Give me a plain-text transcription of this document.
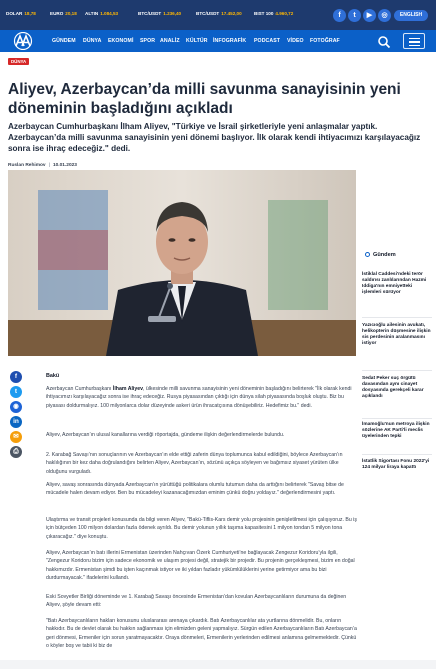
DOLAR 18,78	EURO 20,18 ALTIN 1.084,53	BTC/USDT 1.236,40	BTC/USDT 17.452,00	BIST 100 4.960,72	f	t	▶	◎	ENGLISH
GÜNDEM DÜNYA EKONOMİ SPOR ANALİZ KÜLTÜR İNFOGRAFİK PODCAST VİDEO FOTOĞRAF
DÜNYA
Aliyev, Azerbaycan’da milli savunma sanayisinin yeni döneminin başladığını açıkladı

Azerbaycan Cumhurbaşkanı İlham Aliyev, "Türkiye ve İsrail şirketleriyle yeni anlaşmalar yaptık. Azerbaycan’da milli savunma sanayisinin yeni dönemi başlıyor. İlk olarak kendi ihtiyacımızı karşılayacağız sonra ise ihraç edeceğiz." dedi.

Ruslan Rehimov | 10.01.2023
Gündem
İstiklal Caddesi'ndeki terör saldırısı zanlılarından Hazmi Iddiga'nın emniyetteki işlemleri sürüyor
Yazıcıoğlu ailesinin avukatı, helikopterin düşmesine ilişkin sis perdesinin aralanmasını istiyor
Sedat Peker suç örgütü davasından aynı cinayet dosyasında gerekçeli karar açıklandı
İmamoğlu'nun metroya ilişkin sözlerine AK Parti'li meclis üyelerinden tepki
İstatlik Sigortası Fonu 2022'yi 124 milyar liraya kapattı
f
t
◉
in
✉
⎙
Bakü

Azerbaycan Cumhurbaşkanı İlham Aliyev, ülkesinde milli savunma sanayisinin yeni döneminin başladığını belirterek "İlk olarak kendi ihtiyacımızı karşılayacağız sonra ise ihraç edeceğiz. Rusya piyasasından çıktığı için dünya silah piyasasında boşluk oluştu. Biz bu piyasası doldurmalıyız. 100 milyonlarca dolar düzeyinde askeri ürün ihracatçısına dönüşebiliriz. Hedefimiz bu." dedi.

Aliyev, Azerbaycan’ın ulusal kanallarına verdiği röportajda, gündeme ilişkin değerlendirmelerde bulundu.

2. Karabağ Savaşı’nın sonuçlarının ve Azerbaycan’ın elde ettiği zaferin dünya toplumunca kabul edildiğini, böylece Azerbaycan’ın haklılığının bir kez daha doğrulandığını belirten Aliyev, Azerbaycan’ın, sözünü açıkça söyleyen ve bağımsız siyaset yürüten ülke olduğunu vurguladı.

Aliyev, savaş sonrasında dünyada Azerbaycan’ın yürüttüğü politikalara olumlu tutumun daha da arttığını belirterek "Savaş bitse de mücadele halen devam ediyor. Ben bu mücadeleyi kazanacağımızdan eminim çünkü doğru yoldayız." değerlendirmesini yaptı.

Ulaştırma ve transit projeleri konusunda da bilgi veren Aliyev, "Bakü-Tiflis-Kars demir yolu projesinin genişletilmesi için çalışıyoruz. Bu iş için bütçeden 100 milyon dolardan fazla ödenek ayrıldı. Bu demir yolunun yıllık taşıma kapasitesini 1 milyon tondan 5 milyon tona çıkaracağız." diye konuştu.

Aliyev, Azerbaycan’ın batı illerini Ermenistan üzerinden Nahçıvan Özerk Cumhuriyeti’ne bağlayacak Zengezur Koridoru’yla ilgili, "Zengezur Koridoru bizim için sadece ekonomik ve ulaşım projesi değil, stratejik bir projedir. Bu projenin gerçekleşmesi, bizim en doğal hakkımızdır. Ermenistan şimdi bu işten kaçınmak istiyor ve iki yıldan fazladır yükümlülüklerini yerine getirmiyor ama bu bizi durdurmayacak." ifadelerini kullandı.

Eski Sovyetler Birliği döneminde ve 1. Karabağ Savaşı öncesinde Ermenistan’dan kovulan Azerbaycanlıların durumuna da değinen Aliyev, şöyle devam etti:

"Batı Azerbaycanlıların hakları konusunu uluslararası arenaya çıkardık. Batı Azerbaycanlılar ata yurtlarına dönmelidir. Bu, onların hakkıdır. Bu de devlet olarak bu hakkın sağlanması için elimizden geleni yapmalıyız. Sürgün edilen Azerbaycanlıların Batı Azerbaycan’a geri dönmesi, Ermeniler için sorun yaratmayacaktır. Oraya dönmeleri, Ermenilerin yerlerinden edilmesi anlamına gelmemektedir. Çünkü o köyler boş ve tabii ki biz de
